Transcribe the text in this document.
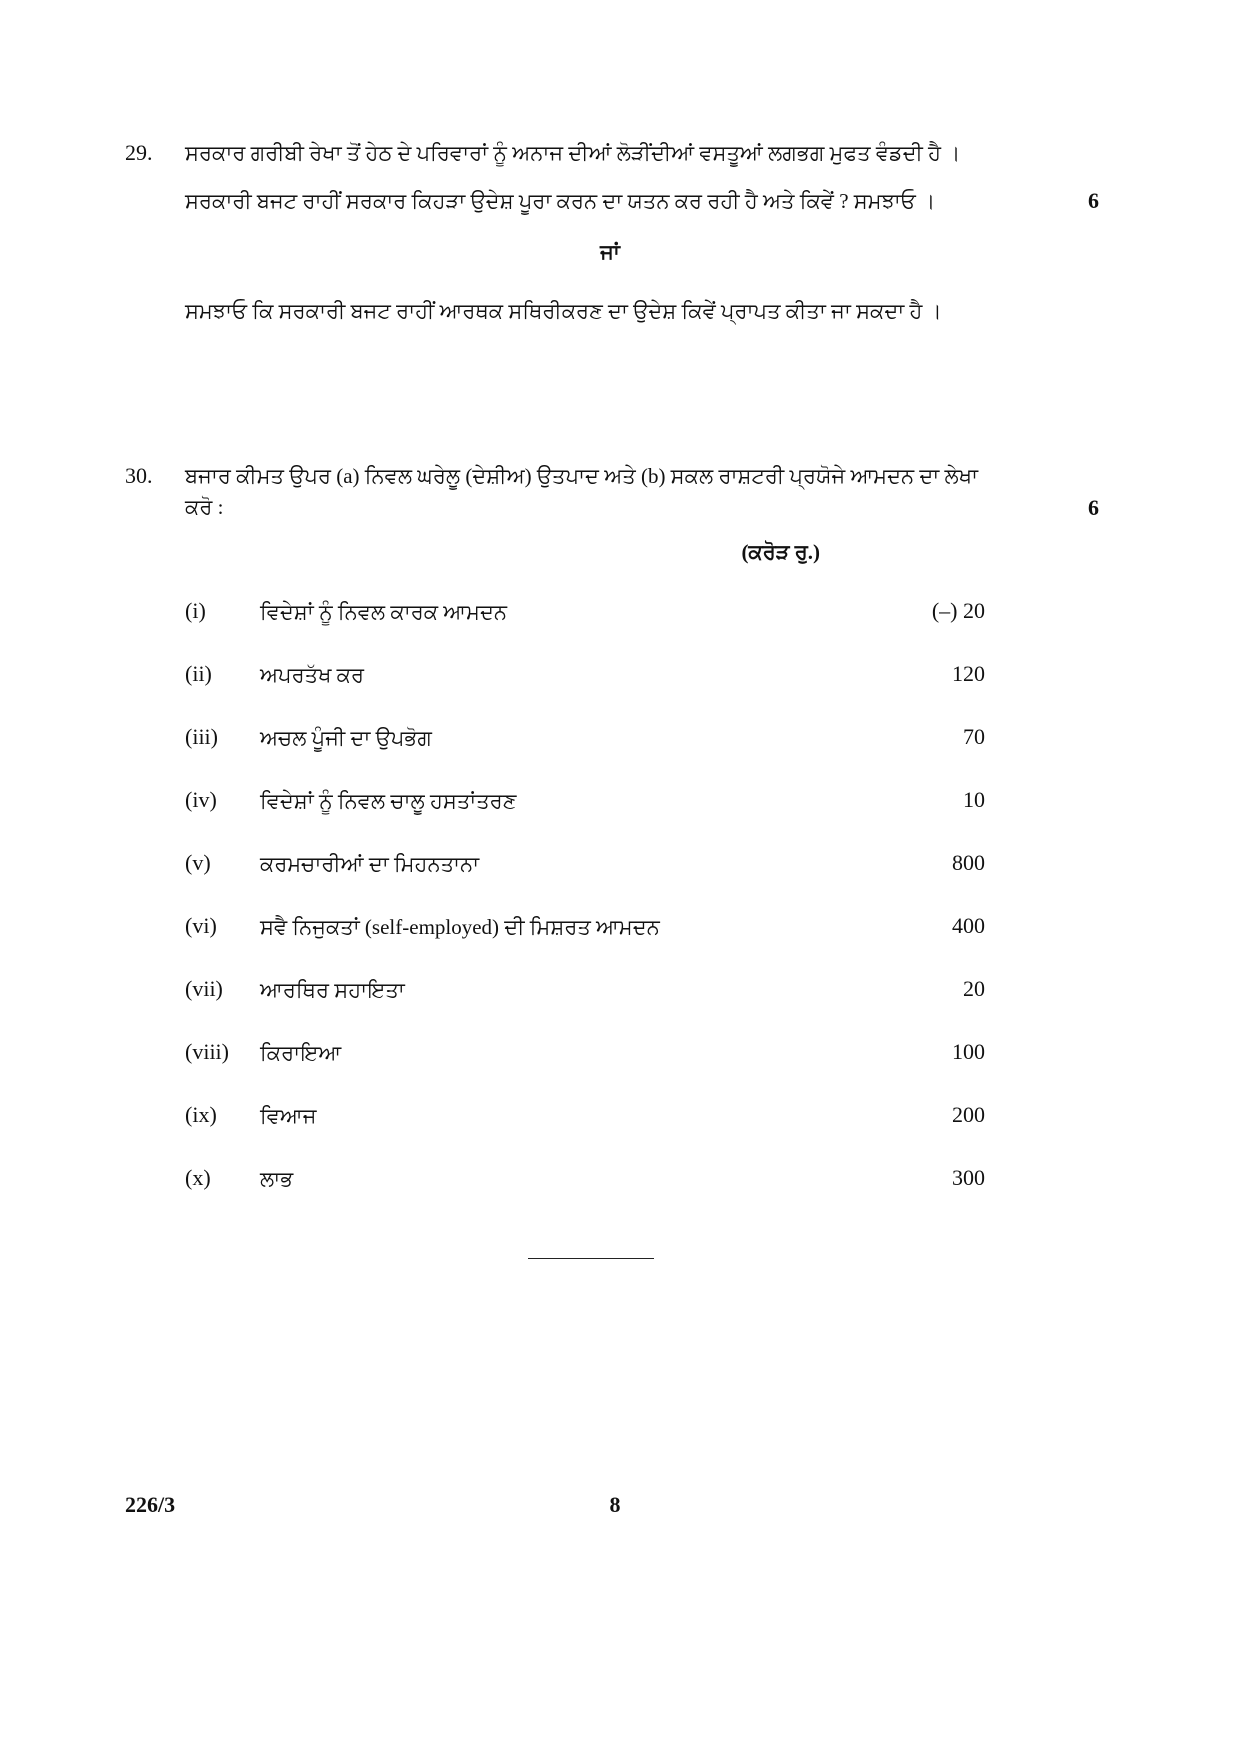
29. ਸਰਕਾਰ ਗਰੀਬੀ ਰੇਖਾ ਤੋਂ ਹੇਠ ਦੇ ਪਰਿਵਾਰਾਂ ਨੂੰ ਅਨਾਜ ਦੀਆਂ ਲੋੜੀਂਦੀਆਂ ਵਸਤੂਆਂ ਲਗਭਗ ਮੁਫਤ ਵੰਡਦੀ ਹੈ ।
ਸਰਕਾਰੀ ਬਜਟ ਰਾਹੀਂ ਸਰਕਾਰ ਕਿਹੜਾ ਉਦੇਸ਼ ਪੂਰਾ ਕਰਨ ਦਾ ਯਤਨ ਕਰ ਰਹੀ ਹੈ ਅਤੇ ਕਿਵੇਂ ? ਸਮਝਾਓ ।	6
ਜਾਂ
ਸਮਝਾਓ ਕਿ ਸਰਕਾਰੀ ਬਜਟ ਰਾਹੀਂ ਆਰਥਕ ਸਥਿਰੀਕਰਣ ਦਾ ਉਦੇਸ਼ ਕਿਵੇਂ ਪ੍ਰਾਪਤ ਕੀਤਾ ਜਾ ਸਕਦਾ ਹੈ ।
30. ਬਜਾਰ ਕੀਮਤ ਉਪਰ (a) ਨਿਵਲ ਘਰੇਲੂ (ਦੇਸ਼ੀਅ) ਉਤਪਾਦ ਅਤੇ (b) ਸਕਲ ਰਾਸ਼ਟਰੀ ਪ੍ਰਯੋਜੇ ਆਮਦਨ ਦਾ ਲੇਖਾ
ਕਰੋ :	6
(ਕਰੋੜ ਰੁ.)
(i)	ਵਿਦੇਸ਼ਾਂ ਨੂੰ ਨਿਵਲ ਕਾਰਕ ਆਮਦਨ	(–) 20
(ii) ਅਪਰਤੱਖ ਕਰ	120
(iii) ਅਚਲ ਪੂੰਜੀ ਦਾ ਉਪਭੋਗ	70
(iv) ਵਿਦੇਸ਼ਾਂ ਨੂੰ ਨਿਵਲ ਚਾਲੂ ਹਸਤਾਂਤਰਣ	10
(v) ਕਰਮਚਾਰੀਆਂ ਦਾ ਮਿਹਨਤਾਨਾ	800
(vi) ਸਵੈ ਨਿਜੁਕਤਾਂ (self-employed) ਦੀ ਮਿਸ਼ਰਤ ਆਮਦਨ	400
(vii) ਆਰਥਿਰ ਸਹਾਇਤਾ	20
(viii) ਕਿਰਾਇਆ	100
(ix) ਵਿਆਜ	200
(x) ਲਾਭ	300
226/3	8
